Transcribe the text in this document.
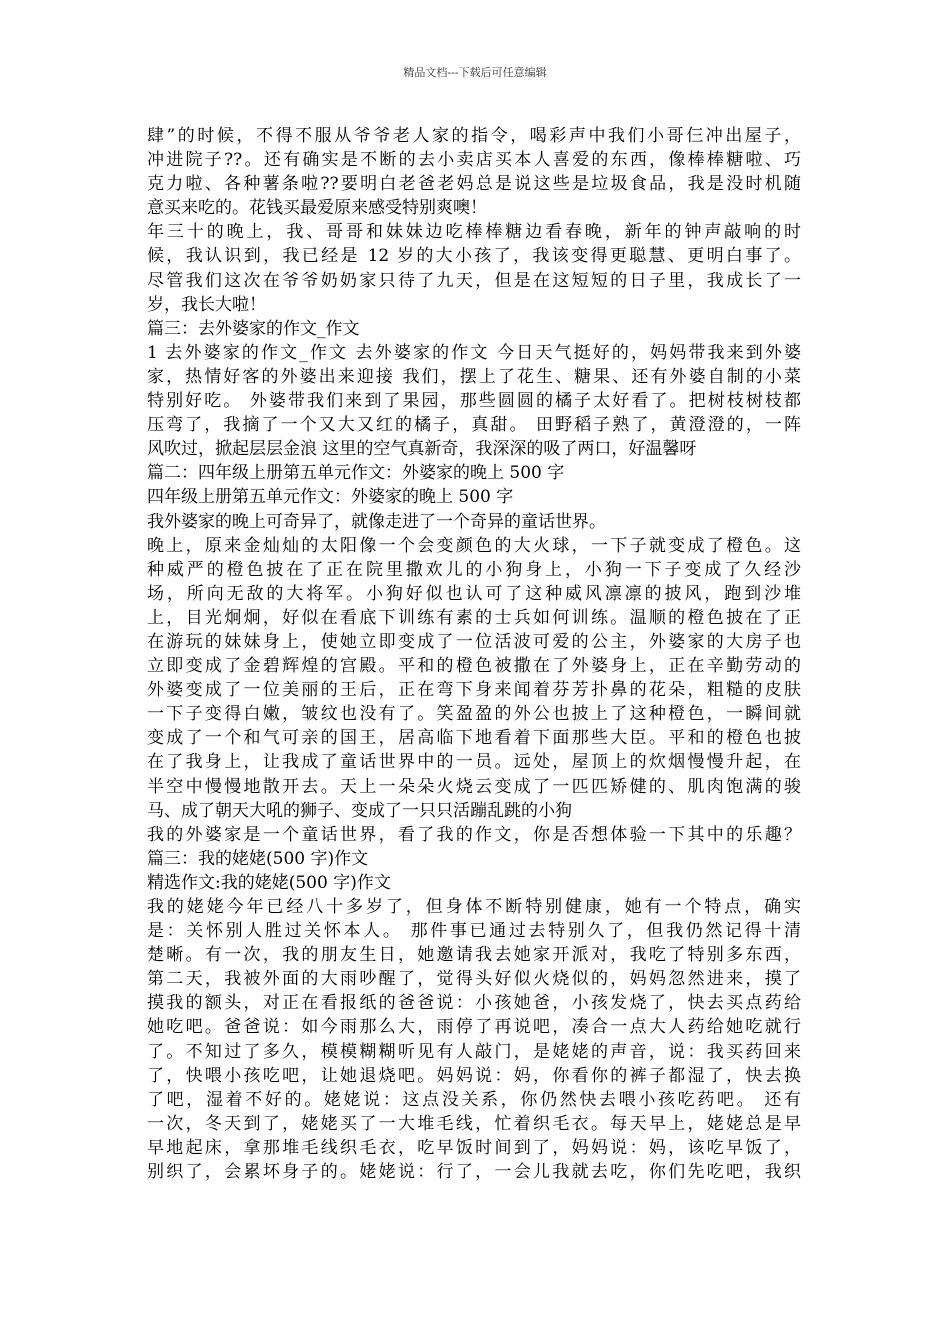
精品文档---下载后可任意编辑
肆”的时候，不得不服从爷爷老人家的指令，喝彩声中我们小哥仨冲出屋子，
冲进院子??。还有确实是不断的去小卖店买本人喜爱的东西，像棒棒糖啦、巧
克力啦、各种薯条啦??要明白老爸老妈总是说这些是垃圾食品，我是没时机随
意买来吃的。花钱买最爱原来感受特别爽噢！
年三十的晚上，我、哥哥和妹妹边吃棒棒糖边看春晚，新年的钟声敲响的时
候，我认识到，我已经是 12 岁的大小孩了，我该变得更聪慧、更明白事了。
尽管我们这次在爷爷奶奶家只待了九天，但是在这短短的日子里，我成长了一
岁，我长大啦！
篇三：去外婆家的作文_作文
1 去外婆家的作文_作文 去外婆家的作文 今日天气挺好的，妈妈带我来到外婆
家，热情好客的外婆出来迎接 我们，摆上了花生、糖果、还有外婆自制的小菜
特别好吃。 外婆带我们来到了果园，那些圆圆的橘子太好看了。把树枝树枝都
压弯了，我摘了一个又大又红的橘子，真甜。 田野稻子熟了，黄澄澄的，一阵
风吹过，掀起层层金浪 这里的空气真新奇，我深深的吸了两口，好温馨呀
篇二：四年级上册第五单元作文：外婆家的晚上 500 字
四年级上册第五单元作文：外婆家的晚上 500 字
我外婆家的晚上可奇异了，就像走进了一个奇异的童话世界。
晚上，原来金灿灿的太阳像一个会变颜色的大火球，一下子就变成了橙色。这
种威严的橙色披在了正在院里撒欢儿的小狗身上，小狗一下子变成了久经沙
场，所向无敌的大将军。小狗好似也认可了这种威风凛凛的披风，跑到沙堆
上，目光炯炯，好似在看底下训练有素的士兵如何训练。温顺的橙色披在了正
在游玩的妹妹身上，使她立即变成了一位活波可爱的公主，外婆家的大房子也
立即变成了金碧辉煌的宫殿。平和的橙色被撒在了外婆身上，正在辛勤劳动的
外婆变成了一位美丽的王后，正在弯下身来闻着芬芳扑鼻的花朵，粗糙的皮肤
一下子变得白嫩，皱纹也没有了。笑盈盈的外公也披上了这种橙色，一瞬间就
变成了一个和气可亲的国王，居高临下地看着下面那些大臣。平和的橙色也披
在了我身上，让我成了童话世界中的一员。远处，屋顶上的炊烟慢慢升起，在
半空中慢慢地散开去。天上一朵朵火烧云变成了一匹匹矫健的、肌肉饱满的骏
马、成了朝天大吼的狮子、变成了一只只活蹦乱跳的小狗
我的外婆家是一个童话世界，看了我的作文，你是否想体验一下其中的乐趣？
篇三：我的姥姥(500 字)作文
精选作文:我的姥姥(500 字)作文
我的姥姥今年已经八十多岁了，但身体不断特别健康，她有一个特点，确实
是：关怀别人胜过关怀本人。 那件事已通过去特别久了，但我仍然记得十清
楚晰。有一次，我的朋友生日，她邀请我去她家开派对，我吃了特别多东西，
第二天，我被外面的大雨吵醒了，觉得头好似火烧似的，妈妈忽然进来，摸了
摸我的额头，对正在看报纸的爸爸说：小孩她爸，小孩发烧了，快去买点药给
她吃吧。爸爸说：如今雨那么大，雨停了再说吧，凑合一点大人药给她吃就行
了。不知过了多久，模模糊糊听见有人敲门，是姥姥的声音，说：我买药回来
了，快喂小孩吃吧，让她退烧吧。妈妈说：妈，你看你的裤子都湿了，快去换
了吧，湿着不好的。姥姥说：这点没关系，你仍然快去喂小孩吃药吧。 还有
一次，冬天到了，姥姥买了一大堆毛线，忙着织毛衣。每天早上，姥姥总是早
早地起床，拿那堆毛线织毛衣，吃早饭时间到了，妈妈说：妈，该吃早饭了，
别织了，会累坏身子的。姥姥说：行了，一会儿我就去吃，你们先吃吧，我织
